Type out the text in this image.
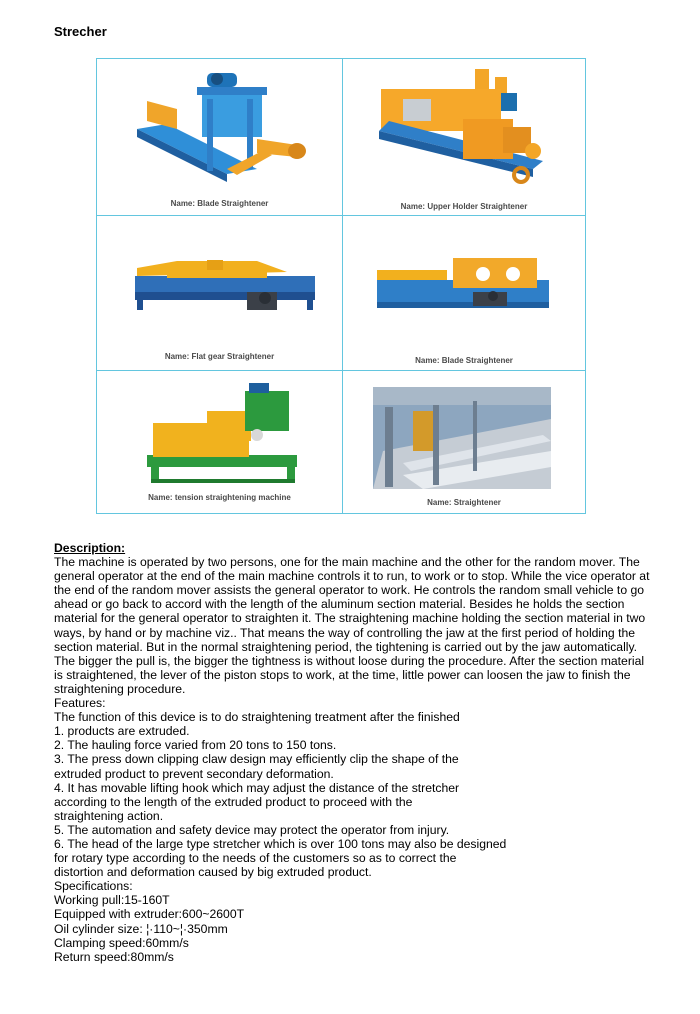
Strecher
Name: Blade Straightener	Name: Upper Holder Straightener
Name: Flat gear Straightener	Name: Blade Straightener
Name: tension straightening machine
Name: Straightener
Description:

The machine is operated by two persons, one for the main machine and the other for the random mover. The general operator at the end of the main machine controls it to run, to work or to stop. While the vice operator at the end of the random mover assists the general operator to work. He controls the random small vehicle to go ahead or go back to accord with the length of the aluminum section material. Besides he holds the section material for the general operator to straighten it. The straightening machine holding the section material in two ways, by hand or by machine viz.. That means the way of controlling the jaw at the first period of holding the section material. But in the normal straightening period, the tightening is carried out by the jaw automatically. The bigger the pull is, the bigger the tightness is without loose during the procedure. After the section material is straightened, the lever of the piston stops to work, at the time, little power can loosen the jaw to finish the straightening procedure.

Features:
The function of this device is to do straightening treatment after the finished
1. products are extruded.
2. The hauling force varied from 20 tons to 150 tons.
3. The press down clipping claw design may efficiently clip the shape of the
extruded product to prevent secondary deformation.
4. It has movable lifting hook which may adjust the distance of the stretcher
according to the length of the extruded product to proceed with the
straightening action.
5. The automation and safety device may protect the operator from injury.
6. The head of the large type stretcher which is over 100 tons may also be designed
for rotary type according to the needs of the customers so as to correct the
distortion and deformation caused by big extruded product.
Specifications:
Working pull:15-160T
Equipped with extruder:600~2600T
Oil cylinder size: ¦·110~¦·350mm
Clamping speed:60mm/s
Return speed:80mm/s
